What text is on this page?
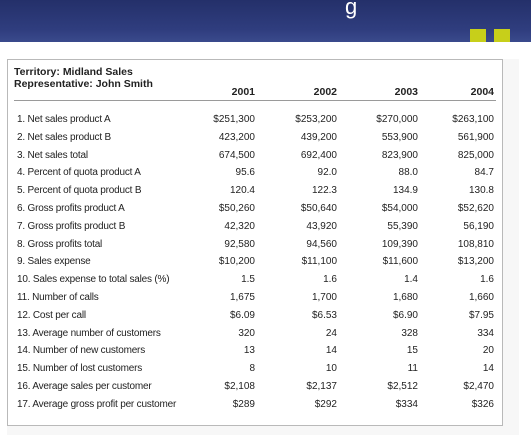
g
Territory: Midland Sales
Representative: John Smith
2001	2002	2003	2004
1. Net sales product A	$251,300	$253,200	$270,000	$263,100
2. Net sales product B	423,200	439,200	553,900	561,900
3. Net sales total	674,500	692,400	823,900	825,000
4. Percent of quota product A	95.6	92.0	88.0	84.7
5. Percent of quota product B	120.4	122.3	134.9	130.8
6. Gross profits product A	$50,260	$50,640	$54,000	$52,620
7. Gross profits product B	42,320	43,920	55,390	56,190
8. Gross profits total	92,580	94,560	109,390	108,810
9. Sales expense	$10,200	$11,100	$11,600	$13,200
10. Sales expense to total sales (%)	1.5	1.6	1.4	1.6
11. Number of calls	1,675	1,700	1,680	1,660
12. Cost per call	$6.09	$6.53	$6.90	$7.95
13. Average number of customers	320	24	328	334
14. Number of new customers	13	14	15	20
15. Number of lost customers	8	10	11	14
16. Average sales per customer	$2,108	$2,137	$2,512	$2,470
17. Average gross profit per customer	$289	$292	$334	$326
